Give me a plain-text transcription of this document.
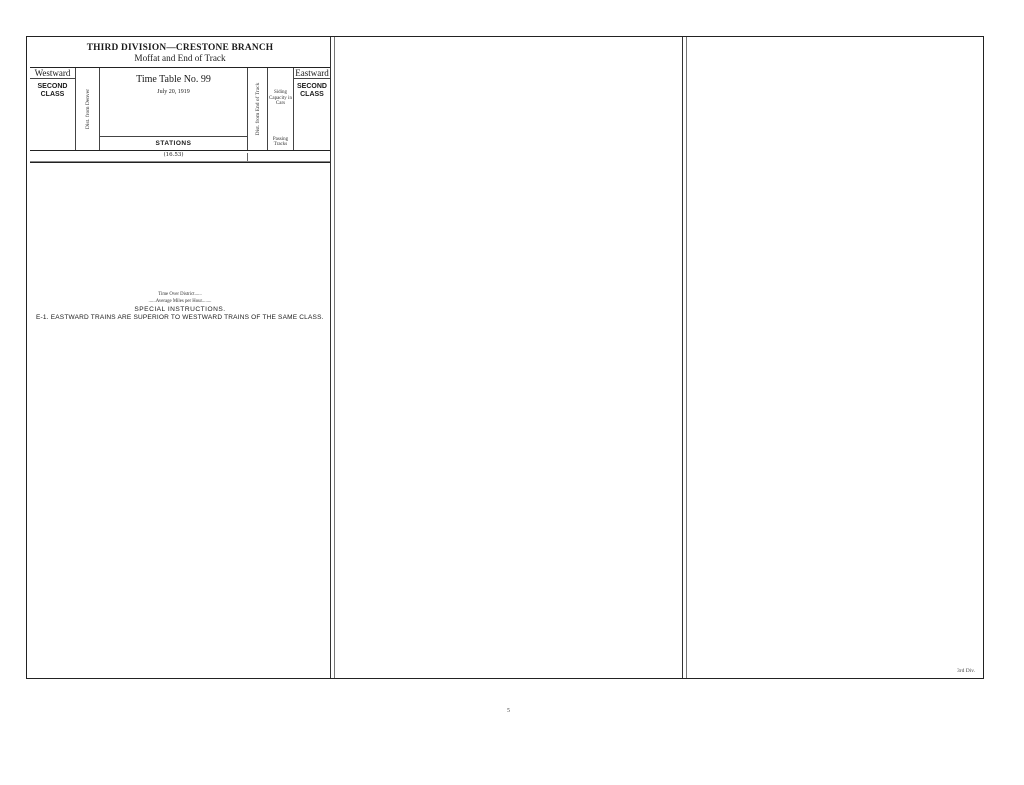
THIRD DIVISION—CRESTONE BRANCH
Moffat and End of Track
Westward
SECOND CLASS	Dist. from Denver
Time Table No. 99
July 20, 1919
STATIONS
Dist. from End of Track	Siding Capacity in Cars
Passing Tracks
Eastward
SECOND CLASS
(16.53)
Time Over District......
......Average Miles per Hour........
SPECIAL INSTRUCTIONS.
E-1. EASTWARD TRAINS ARE SUPERIOR TO WESTWARD TRAINS OF THE SAME CLASS.
5
3rd Div.
